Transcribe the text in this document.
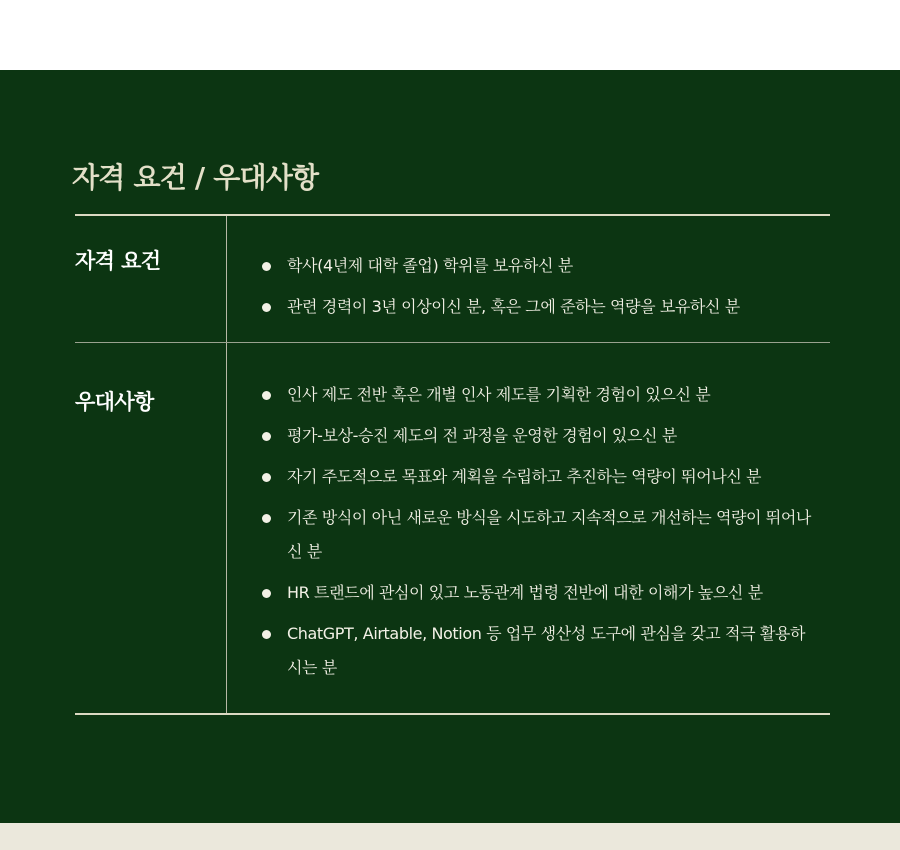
자격 요건 / 우대사항
자격 요건	학사(4년제 대학 졸업) 학위를 보유하신 분
관련 경력이 3년 이상이신 분, 혹은 그에 준하는 역량을 보유하신 분
우대사항	인사 제도 전반 혹은 개별 인사 제도를 기획한 경험이 있으신 분
평가-보상-승진 제도의 전 과정을 운영한 경험이 있으신 분
자기 주도적으로 목표와 계획을 수립하고 추진하는 역량이 뛰어나신 분
기존 방식이 아닌 새로운 방식을 시도하고 지속적으로 개선하는 역량이 뛰어나신 분
HR 트랜드에 관심이 있고 노동관계 법령 전반에 대한 이해가 높으신 분
ChatGPT, Airtable, Notion 등 업무 생산성 도구에 관심을 갖고 적극 활용하시는 분
